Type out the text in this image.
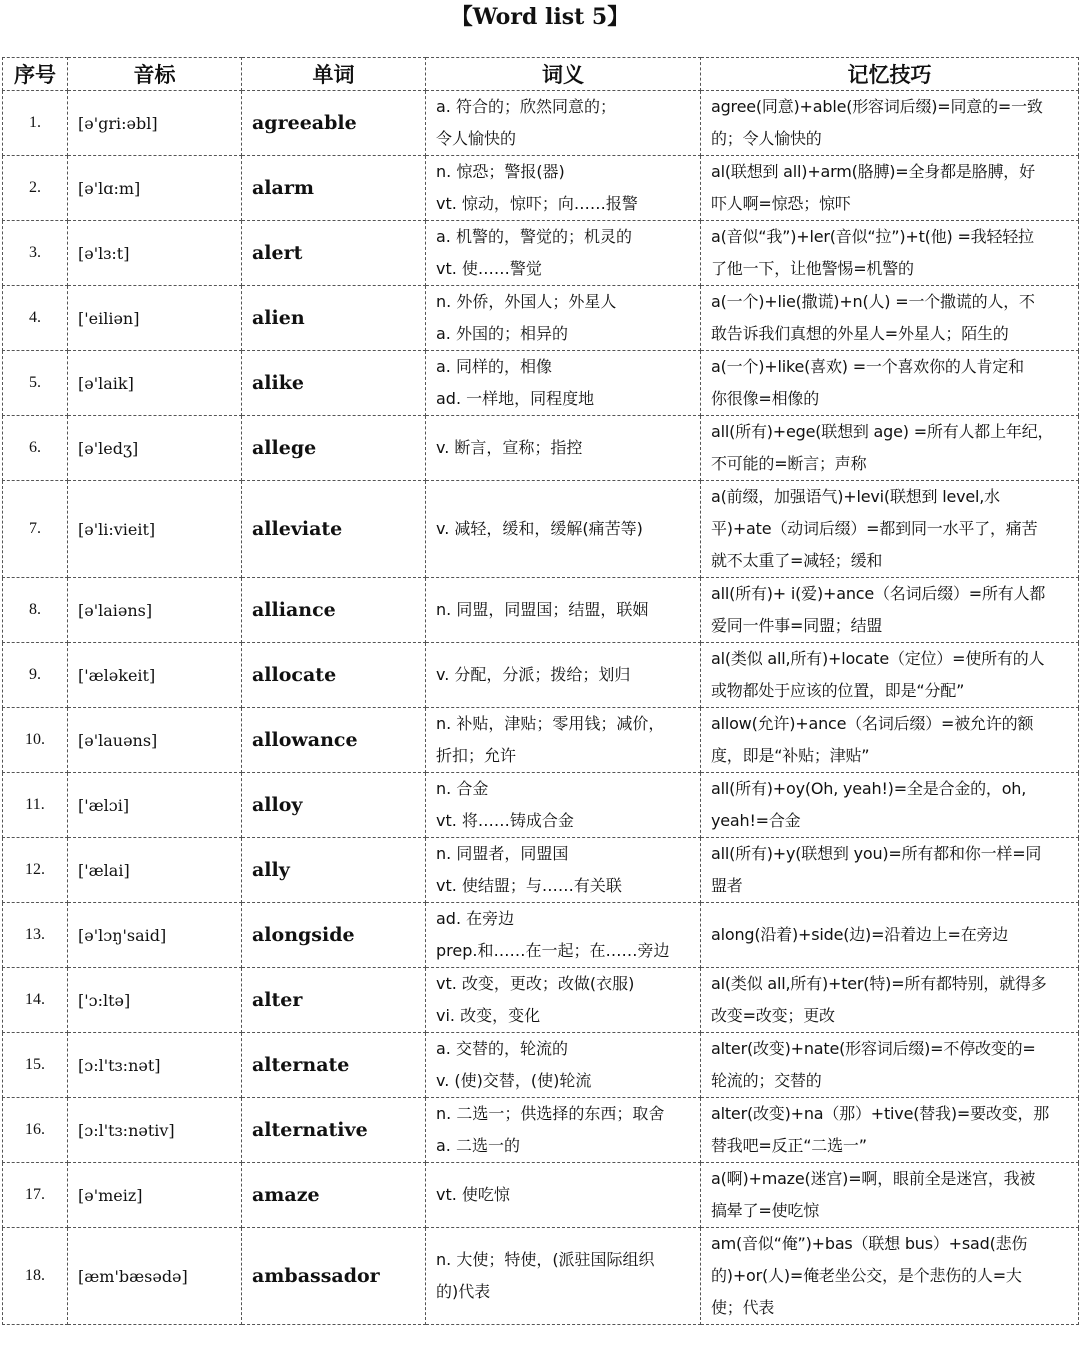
【Word list 5】
序号	音标	单词	词义	记忆技巧
1.	[ə'gri:əbl]	agreeable	a. 符合的；欣然同意的；
令人愉快的	agree(同意)+able(形容词后缀)=同意的=一致
的；令人愉快的

2.	[ə'lɑ:m]	alarm	n. 惊恐；警报(器)
vt. 惊动，惊吓；向……报警	al(联想到 all)+arm(胳膊)=全身都是胳膊，好
吓人啊=惊恐；惊吓

3.	[ə'lɜ:t]	alert	a. 机警的，警觉的；机灵的
vt. 使……警觉	a(音似“我”)+ler(音似“拉”)+t(他) =我轻轻拉
了他一下，让他警惕=机警的

4.	['eiliən]	alien	n. 外侨，外国人；外星人
a. 外国的；相异的	a(一个)+lie(撒谎)+n(人) =一个撒谎的人，不
敢告诉我们真想的外星人=外星人；陌生的

5.	[ə'laik]	alike	a. 同样的，相像
ad. 一样地，同程度地	a(一个)+like(喜欢) =一个喜欢你的人肯定和
你很像=相像的

6.	[ə'ledʒ]	allege	v. 断言，宣称；指控	all(所有)+ege(联想到 age) =所有人都上年纪，
不可能的=断言；声称

7.	[ə'li:vieit]	alleviate	v. 减轻，缓和，缓解(痛苦等)	a(前缀，加强语气)+levi(联想到 level,水
平)+ate（动词后缀）=都到同一水平了，痛苦
就不太重了=减轻；缓和

8.	[ə'laiəns]	alliance	n. 同盟，同盟国；结盟，联姻	all(所有)+ i(爱)+ance（名词后缀）=所有人都
爱同一件事=同盟；结盟

9.	['æləkeit]	allocate	v. 分配，分派；拨给；划归	al(类似 all,所有)+locate（定位）=使所有的人
或物都处于应该的位置，即是“分配”

10.	[ə'lauəns]	allowance	n. 补贴，津贴；零用钱；减价，
折扣；允许	allow(允许)+ance（名词后缀）=被允许的额
度，即是“补贴；津贴”

11.	['ælɔi]	alloy	n. 合金
vt. 将……铸成合金	all(所有)+oy(Oh, yeah!)=全是合金的，oh,
yeah!=合金

12.	['ælai]	ally	n. 同盟者，同盟国
vt. 使结盟；与……有关联	all(所有)+y(联想到 you)=所有都和你一样=同
盟者

13.	[ə'lɔŋ'said]	alongside	ad. 在旁边
prep.和……在一起；在……旁边	along(沿着)+side(边)=沿着边上=在旁边

14.	['ɔ:ltə]	alter	vt. 改变，更改；改做(衣服)
vi. 改变，变化	al(类似 all,所有)+ter(特)=所有都特别，就得多
改变=改变；更改

15.	[ɔ:l'tɜ:nət]	alternate	a. 交替的，轮流的
v. (使)交替，(使)轮流	alter(改变)+nate(形容词后缀)=不停改变的=
轮流的；交替的

16.	[ɔ:l'tɜ:nətiv]	alternative	n. 二选一；供选择的东西；取舍
a. 二选一的	alter(改变)+na（那）+tive(替我)=要改变，那
替我吧=反正“二选一”

17.	[ə'meiz]	amaze	vt. 使吃惊	a(啊)+maze(迷宫)=啊，眼前全是迷宫，我被
搞晕了=使吃惊

18.	[æm'bæsədə]	ambassador	n. 大使；特使，(派驻国际组织
的)代表	am(音似“俺”)+bas（联想 bus）+sad(悲伤
的)+or(人)=俺老坐公交，是个悲伤的人=大
使；代表
